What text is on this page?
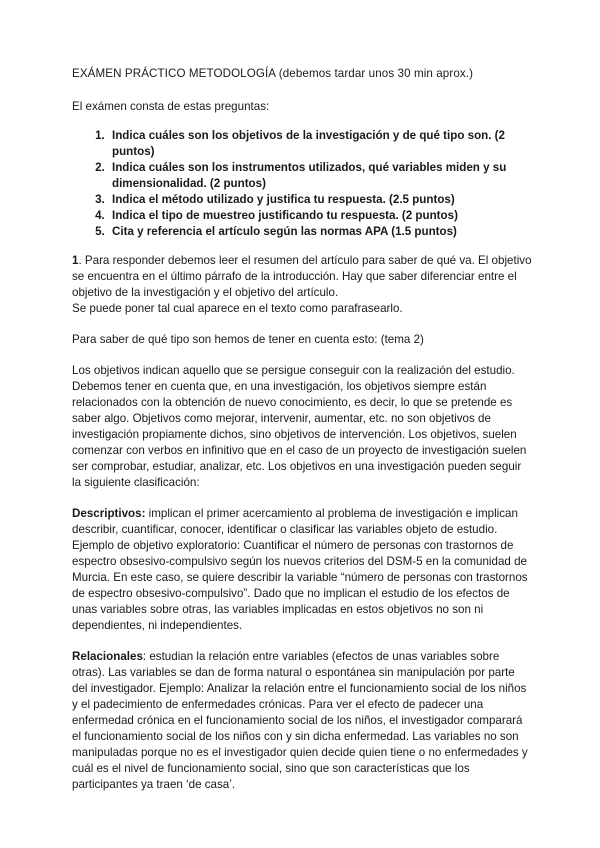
EXÁMEN PRÁCTICO METODOLOGÍA (debemos tardar unos 30 min aprox.)

El exámen consta de estas preguntas:

1. Indica cuáles son los objetivos de la investigación y de qué tipo son. (2 puntos)
2. Indica cuáles son los instrumentos utilizados, qué variables miden y su dimensionalidad. (2 puntos)
3. Indica el método utilizado y justifica tu respuesta. (2.5 puntos)
4. Indica el tipo de muestreo justificando tu respuesta. (2 puntos)
5. Cita y referencia el artículo según las normas APA (1.5 puntos)

1. Para responder debemos leer el resumen del artículo para saber de qué va. El objetivo se encuentra en el último párrafo de la introducción. Hay que saber diferenciar entre el objetivo de la investigación y el objetivo del artículo.

Se puede poner tal cual aparece en el texto como parafrasearlo.

Para saber de qué tipo son hemos de tener en cuenta esto: (tema 2)

Los objetivos indican aquello que se persigue conseguir con la realización del estudio. Debemos tener en cuenta que, en una investigación, los objetivos siempre están relacionados con la obtención de nuevo conocimiento, es decir, lo que se pretende es saber algo. Objetivos como mejorar, intervenir, aumentar, etc. no son objetivos de investigación propiamente dichos, sino objetivos de intervención. Los objetivos, suelen comenzar con verbos en infinitivo que en el caso de un proyecto de investigación suelen ser comprobar, estudiar, analizar, etc. Los objetivos en una investigación pueden seguir la siguiente clasificación:

Descriptivos: implican el primer acercamiento al problema de investigación e implican describir, cuantificar, conocer, identificar o clasificar las variables objeto de estudio. Ejemplo de objetivo exploratorio: Cuantificar el número de personas con trastornos de espectro obsesivo-compulsivo según los nuevos criterios del DSM-5 en la comunidad de Murcia. En este caso, se quiere describir la variable “número de personas con trastornos de espectro obsesivo-compulsivo”. Dado que no implican el estudio de los efectos de unas variables sobre otras, las variables implicadas en estos objetivos no son ni dependientes, ni independientes.

Relacionales: estudian la relación entre variables (efectos de unas variables sobre otras). Las variables se dan de forma natural o espontánea sin manipulación por parte del investigador. Ejemplo: Analizar la relación entre el funcionamiento social de los niños y el padecimiento de enfermedades crónicas. Para ver el efecto de padecer una enfermedad crónica en el funcionamiento social de los niños, el investigador comparará el funcionamiento social de los niños con y sin dicha enfermedad. Las variables no son manipuladas porque no es el investigador quien decide quien tiene o no enfermedades y cuál es el nivel de funcionamiento social, sino que son características que los participantes ya traen ‘de casa’.
